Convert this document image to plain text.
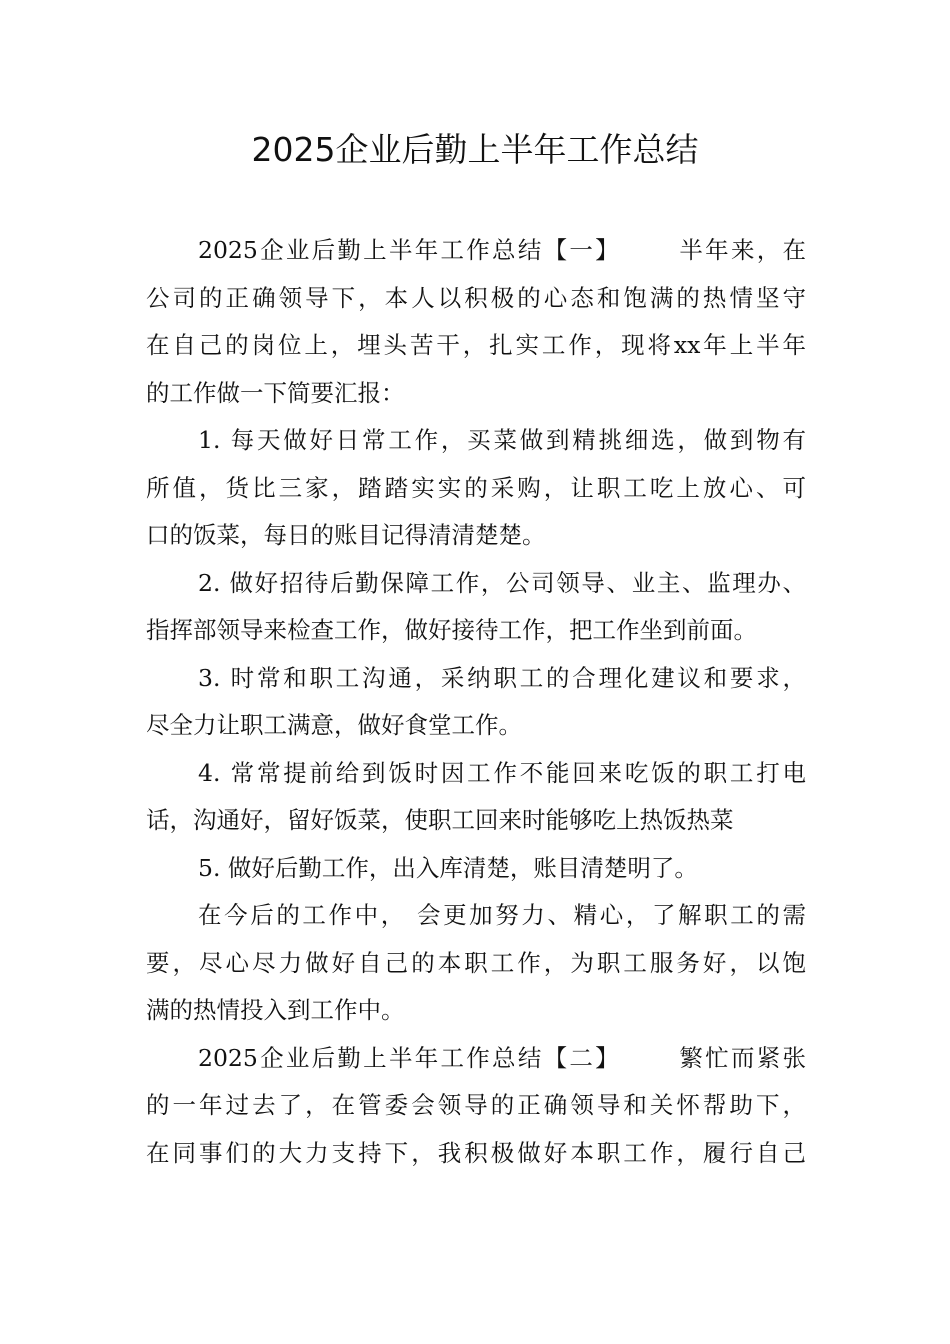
2025企业后勤上半年工作总结
2025企业后勤上半年工作总结【一】      半年来，在
公司的正确领导下，本人以积极的心态和饱满的热情坚守
在自己的岗位上，埋头苦干，扎实工作，现将xx年上半年
的工作做一下简要汇报：
1. 每天做好日常工作，买菜做到精挑细选，做到物有
所值，货比三家，踏踏实实的采购，让职工吃上放心、可
口的饭菜，每日的账目记得清清楚楚。
2. 做好招待后勤保障工作，公司领导、业主、监理办、
指挥部领导来检查工作，做好接待工作，把工作坐到前面。
3. 时常和职工沟通，采纳职工的合理化建议和要求，
尽全力让职工满意，做好食堂工作。
4. 常常提前给到饭时因工作不能回来吃饭的职工打电
话，沟通好，留好饭菜，使职工回来时能够吃上热饭热菜
5. 做好后勤工作，出入库清楚，账目清楚明了。
在今后的工作中， 会更加努力、精心，了解职工的需
要，尽心尽力做好自己的本职工作，为职工服务好，以饱
满的热情投入到工作中。
2025企业后勤上半年工作总结【二】      繁忙而紧张
的一年过去了，在管委会领导的正确领导和关怀帮助下，
在同事们的大力支持下，我积极做好本职工作，履行自己
